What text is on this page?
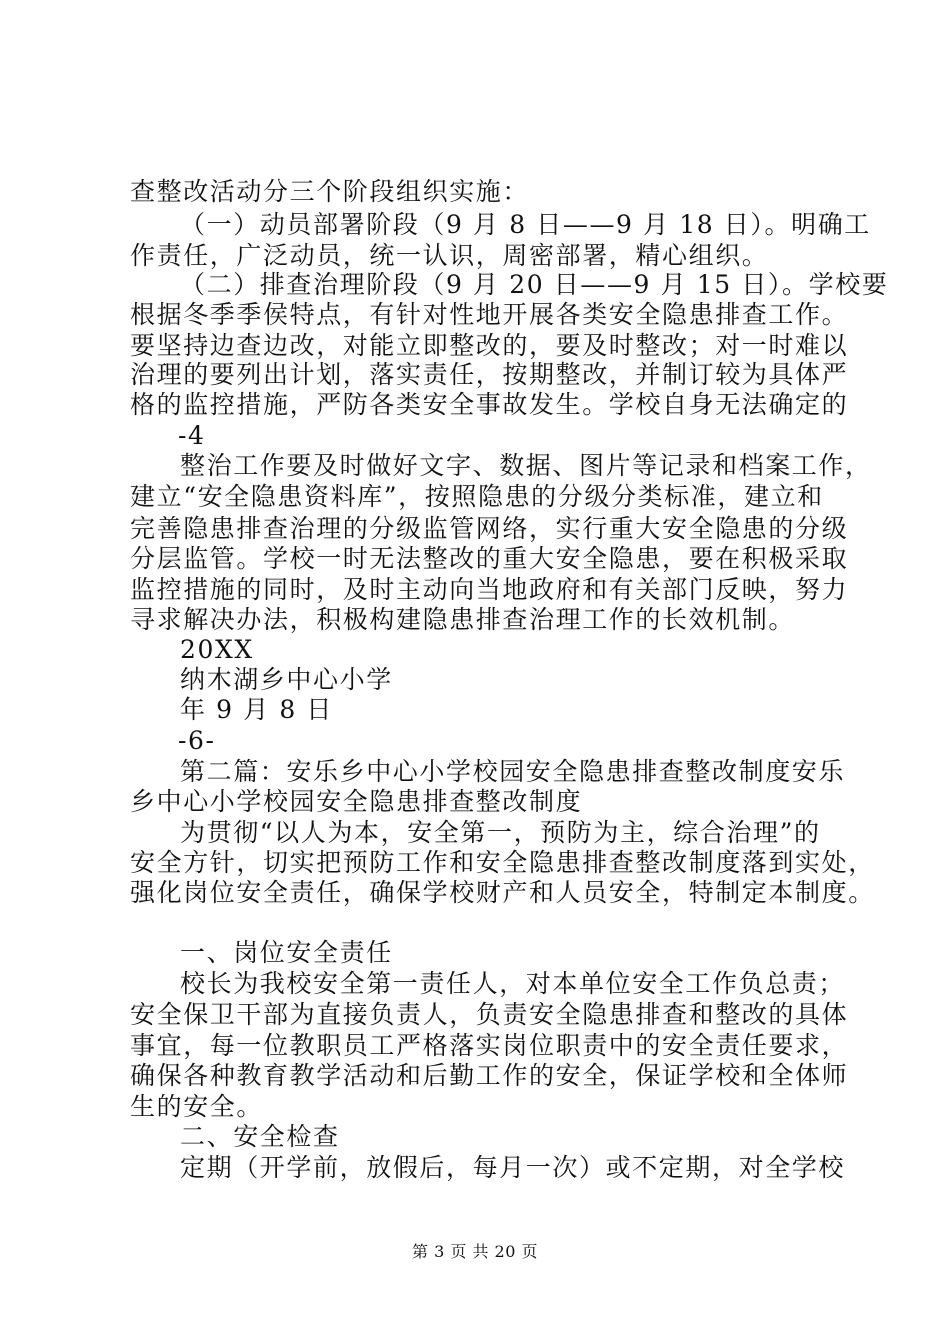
查整改活动分三个阶段组织实施：
（一）动员部署阶段（9 月 8 日——9 月 18 日）。明确工
作责任，广泛动员，统一认识，周密部署，精心组织。
（二）排查治理阶段（9 月 20 日——9 月 15 日）。学校要
根据冬季季侯特点，有针对性地开展各类安全隐患排查工作。
要坚持边查边改，对能立即整改的，要及时整改；对一时难以
治理的要列出计划，落实责任，按期整改，并制订较为具体严
格的监控措施，严防各类安全事故发生。学校自身无法确定的
-4
整治工作要及时做好文字、数据、图片等记录和档案工作，
建立“安全隐患资料库”，按照隐患的分级分类标准，建立和
完善隐患排查治理的分级监管网络，实行重大安全隐患的分级
分层监管。学校一时无法整改的重大安全隐患，要在积极采取
监控措施的同时，及时主动向当地政府和有关部门反映，努力
寻求解决办法，积极构建隐患排查治理工作的长效机制。
20XX
纳木湖乡中心小学
年 9 月 8 日
-6-
第二篇：安乐乡中心小学校园安全隐患排查整改制度安乐
乡中心小学校园安全隐患排查整改制度
为贯彻“以人为本，安全第一，预防为主，综合治理”的
安全方针，切实把预防工作和安全隐患排查整改制度落到实处，
强化岗位安全责任，确保学校财产和人员安全，特制定本制度。
一、岗位安全责任
校长为我校安全第一责任人，对本单位安全工作负总责；
安全保卫干部为直接负责人，负责安全隐患排查和整改的具体
事宜，每一位教职员工严格落实岗位职责中的安全责任要求，
确保各种教育教学活动和后勤工作的安全，保证学校和全体师
生的安全。
二、安全检查
定期（开学前，放假后，每月一次）或不定期，对全学校
第 3 页 共 20 页
